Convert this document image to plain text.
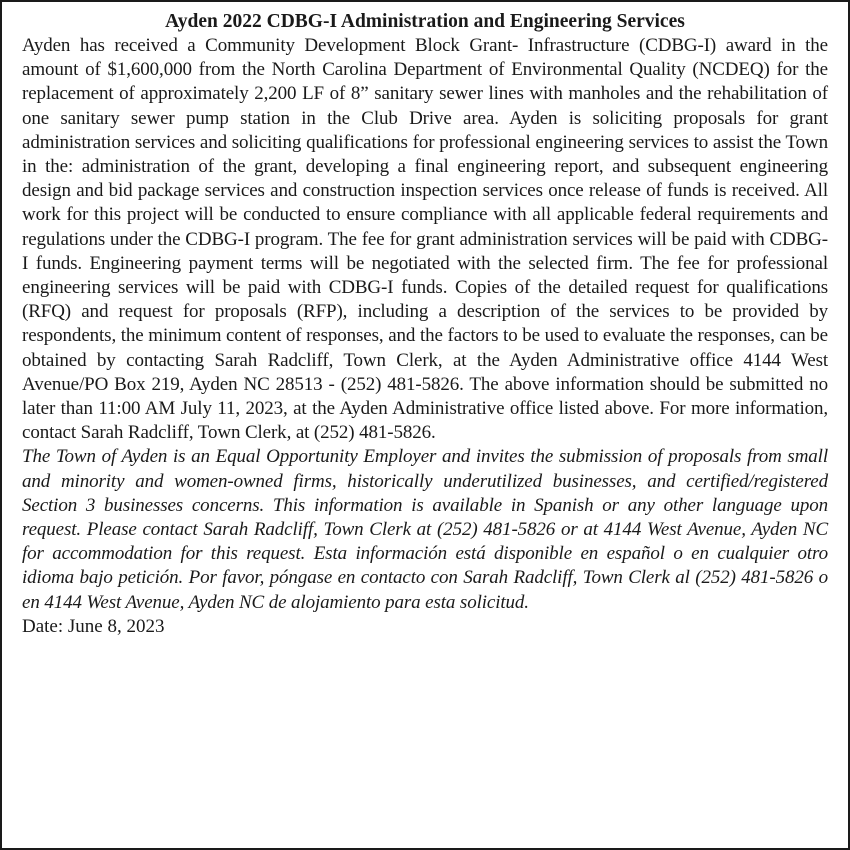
Ayden 2022 CDBG-I Administration and Engineering Services

Ayden has received a Community Development Block Grant- Infrastructure (CDBG-I) award in the amount of $1,600,000 from the North Carolina Department of Environmental Quality (NCDEQ) for the replacement of approximately 2,200 LF of 8” sanitary sewer lines with manholes and the rehabilitation of one sanitary sewer pump station in the Club Drive area. Ayden is soliciting proposals for grant administration services and soliciting qualifications for professional engineering services to assist the Town in the: administration of the grant, developing a final engineering report, and subsequent engineering design and bid package services and construction inspection services once release of funds is received. All work for this project will be conducted to ensure compliance with all applicable federal requirements and regulations under the CDBG-I program. The fee for grant administration services will be paid with CDBG-I funds. Engineering payment terms will be negotiated with the selected firm. The fee for professional engineering services will be paid with CDBG-I funds. Copies of the detailed request for qualifications (RFQ) and request for proposals (RFP), including a description of the services to be provided by respondents, the minimum content of responses, and the factors to be used to evaluate the responses, can be obtained by contacting Sarah Radcliff, Town Clerk, at the Ayden Administrative office 4144 West Avenue/PO Box 219, Ayden NC 28513 - (252) 481-5826. The above information should be submitted no later than 11:00 AM July 11, 2023, at the Ayden Administrative office listed above. For more information, contact Sarah Radcliff, Town Clerk, at (252) 481-5826.

The Town of Ayden is an Equal Opportunity Employer and invites the submission of proposals from small and minority and women-owned firms, historically underutilized businesses, and certified/registered Section 3 businesses concerns. This information is available in Spanish or any other language upon request. Please contact Sarah Radcliff, Town Clerk at (252) 481-5826 or at 4144 West Avenue, Ayden NC for accommodation for this request. Esta información está disponible en español o en cualquier otro idioma bajo petición. Por favor, póngase en contacto con Sarah Radcliff, Town Clerk al (252) 481-5826 o en 4144 West Avenue, Ayden NC de alojamiento para esta solicitud.

Date: June 8, 2023
